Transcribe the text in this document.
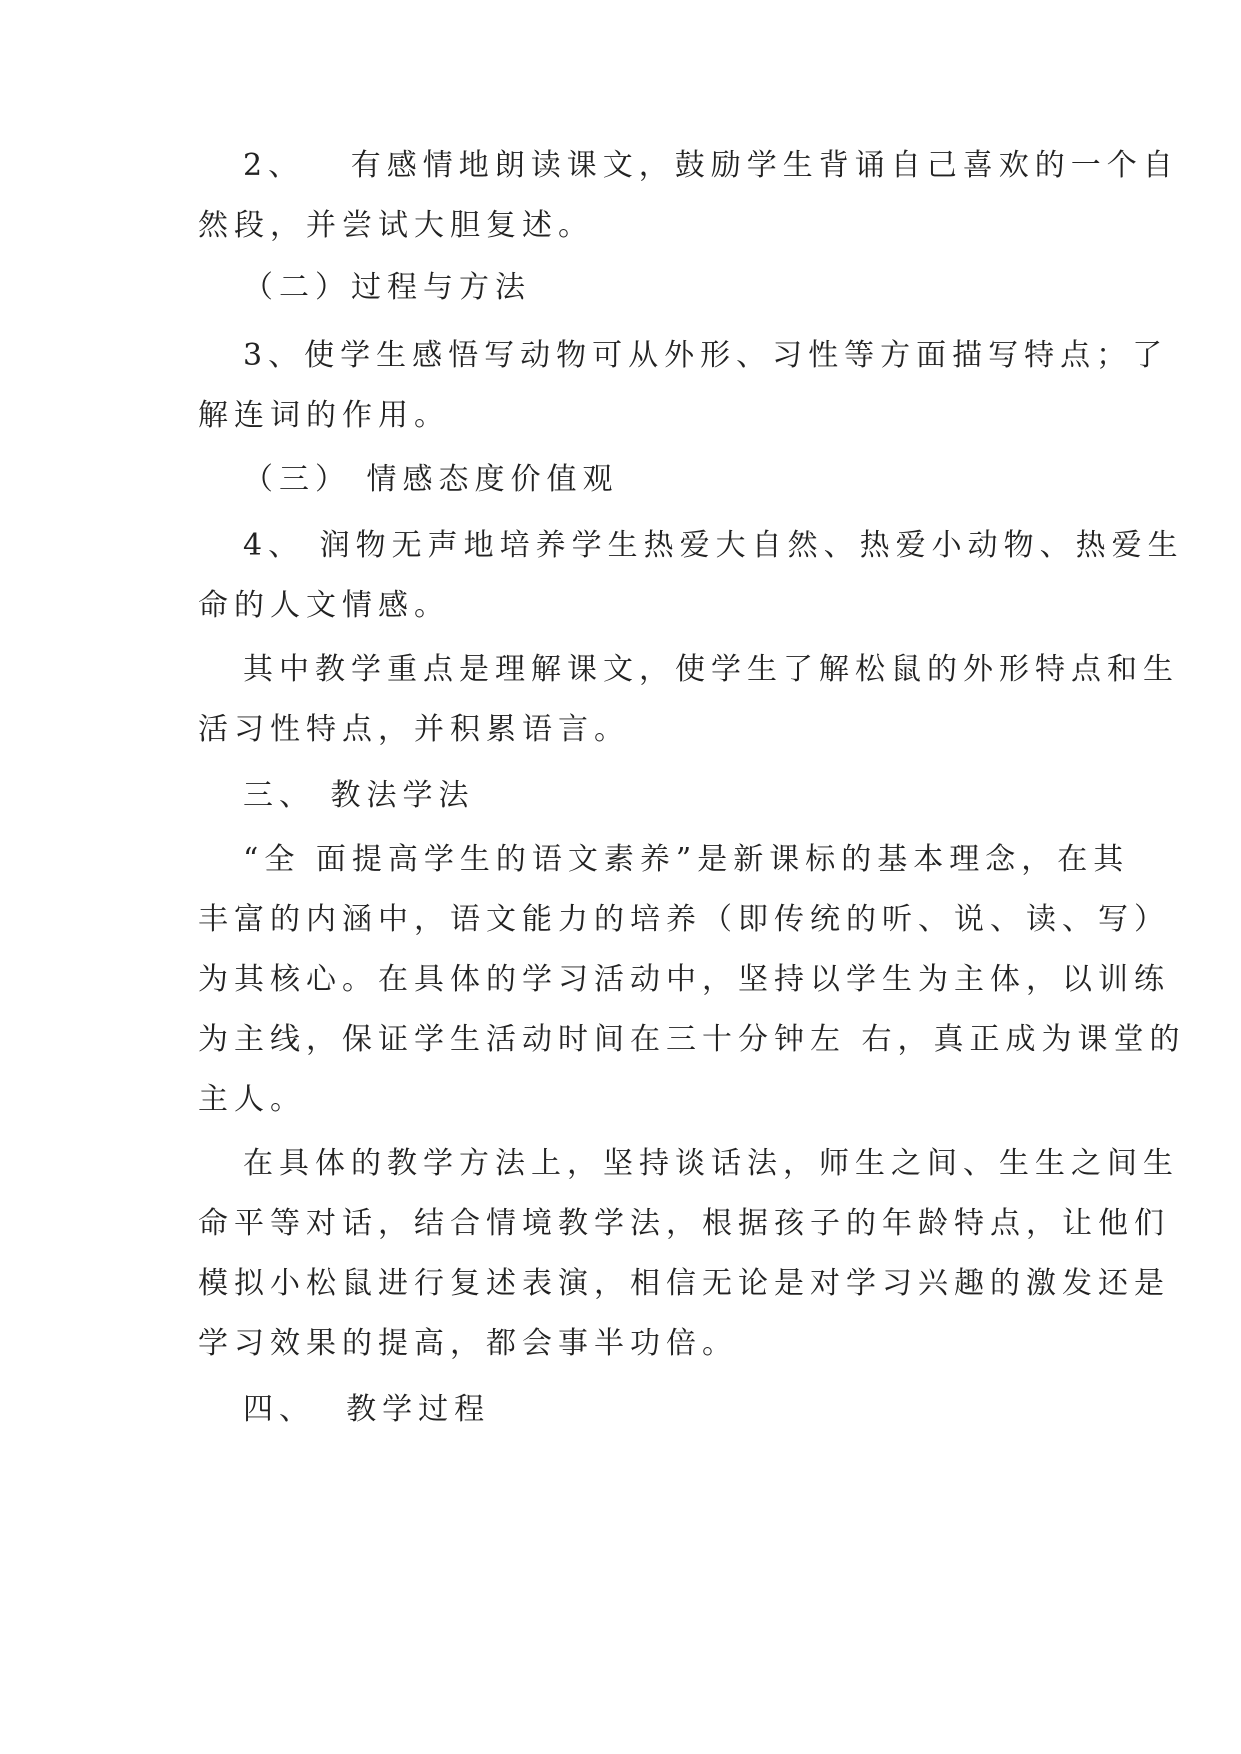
2、   有感情地朗读课文，鼓励学生背诵自己喜欢的一个自
然段，并尝试大胆复述。
（二）过程与方法
3、使学生感悟写动物可从外形、习性等方面描写特点；了
解连词的作用。
（三） 情感态度价值观
4、 润物无声地培养学生热爱大自然、热爱小动物、热爱生
命的人文情感。
其中教学重点是理解课文，使学生了解松鼠的外形特点和生
活习性特点，并积累语言。
三、 教法学法
“全 面提高学生的语文素养”是新课标的基本理念，在其
丰富的内涵中，语文能力的培养（即传统的听、说、读、写）
为其核心。在具体的学习活动中，坚持以学生为主体，以训练
为主线，保证学生活动时间在三十分钟左 右，真正成为课堂的
主人。
在具体的教学方法上，坚持谈话法，师生之间、生生之间生
命平等对话，结合情境教学法，根据孩子的年龄特点，让他们
模拟小松鼠进行复述表演，相信无论是对学习兴趣的激发还是
学习效果的提高，都会事半功倍。
四、  教学过程
